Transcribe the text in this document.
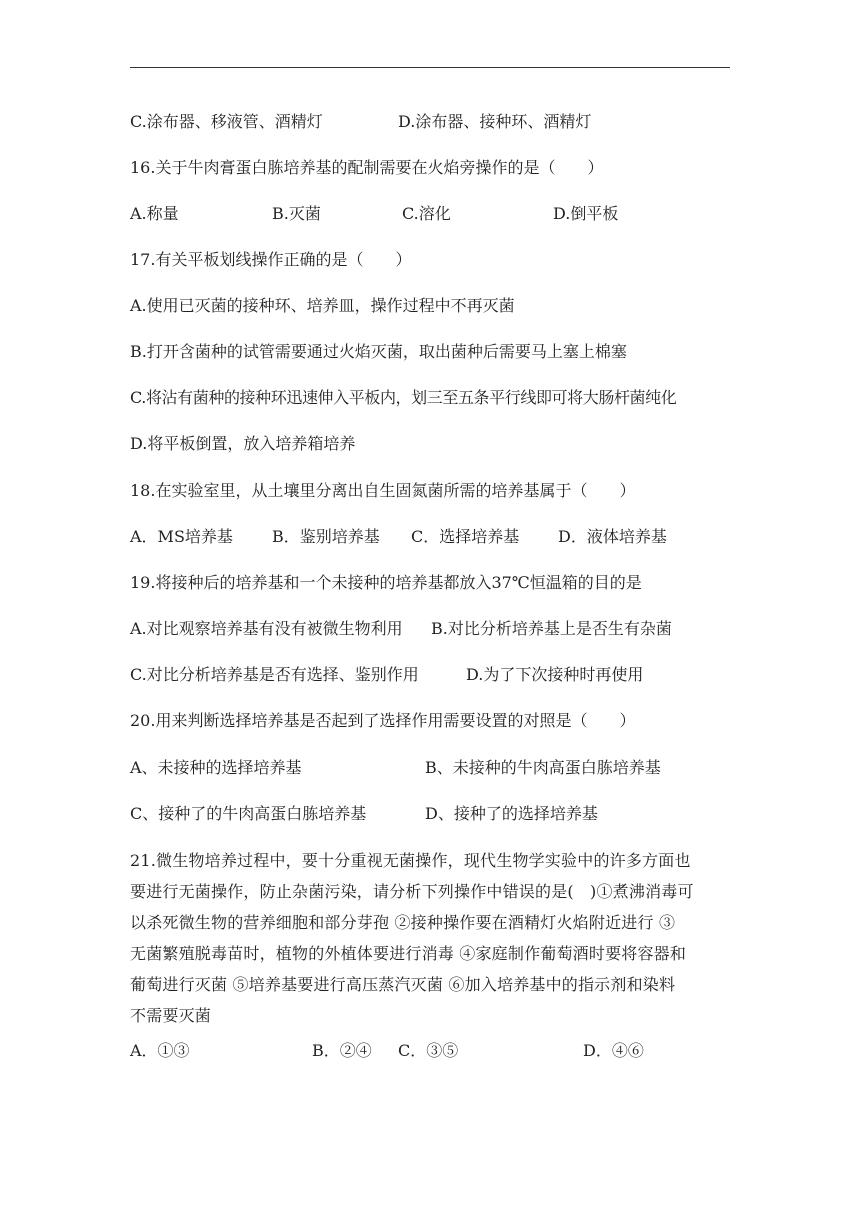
C.涂布器、移液管、酒精灯	D.涂布器、接种环、酒精灯
16.关于牛肉膏蛋白胨培养基的配制需要在火焰旁操作的是（　　）
A.称量	B.灭菌	C.溶化	D.倒平板
17.有关平板划线操作正确的是（　　）
A.使用已灭菌的接种环、培养皿，操作过程中不再灭菌
B.打开含菌种的试管需要通过火焰灭菌，取出菌种后需要马上塞上棉塞
C.将沾有菌种的接种环迅速伸入平板内，划三至五条平行线即可将大肠杆菌纯化
D.将平板倒置，放入培养箱培养
18.在实验室里，从土壤里分离出自生固氮菌所需的培养基属于（　　）
A．MS培养基 B．鉴别培养基 C．选择培养基 D．液体培养基
19.将接种后的培养基和一个未接种的培养基都放入37℃恒温箱的目的是
A.对比观察培养基有没有被微生物利用 B.对比分析培养基上是否生有杂菌
C.对比分析培养基是否有选择、鉴别作用	D.为了下次接种时再使用
20.用来判断选择培养基是否起到了选择作用需要设置的对照是（　　）
A、未接种的选择培养基	B、未接种的牛肉高蛋白胨培养基
C、接种了的牛肉高蛋白胨培养基	D、接种了的选择培养基
21.微生物培养过程中，要十分重视无菌操作，现代生物学实验中的许多方面也
要进行无菌操作，防止杂菌污染，请分析下列操作中错误的是(　)①煮沸消毒可
以杀死微生物的营养细胞和部分芽孢 ②接种操作要在酒精灯火焰附近进行 ③
无菌繁殖脱毒苗时，植物的外植体要进行消毒 ④家庭制作葡萄酒时要将容器和
葡萄进行灭菌 ⑤培养基要进行高压蒸汽灭菌 ⑥加入培养基中的指示剂和染料
不需要灭菌
A．①③	B．②④ C．③⑤	D．④⑥
